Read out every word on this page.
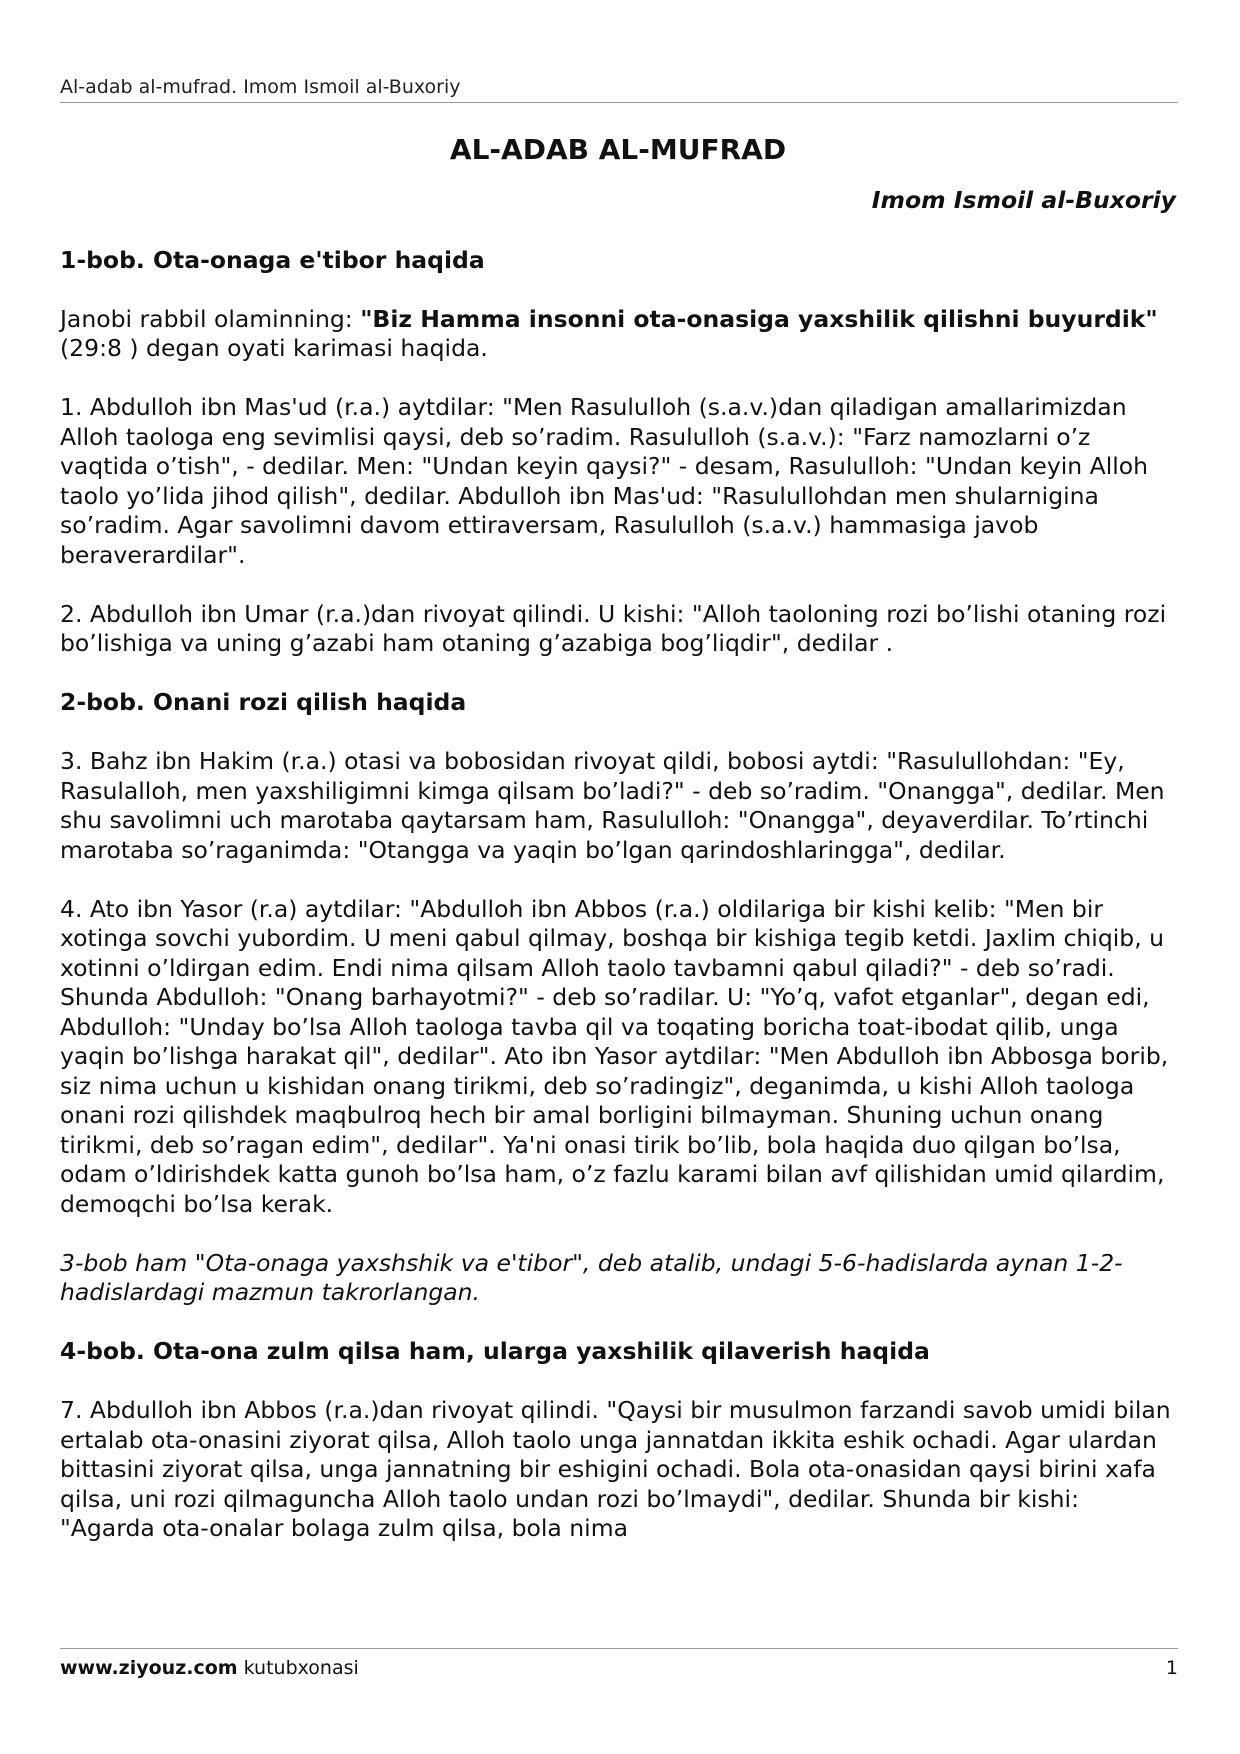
Al-adab al-mufrad. Imom Ismoil al-Buxoriy
AL-ADAB AL-MUFRAD
Imom Ismoil al-Buxoriy
1-bob. Ota-onaga e'tibor haqida
Janobi rabbil olaminning: "Biz Hamma insonni ota-onasiga yaxshilik qilishni buyurdik" (29:8 ) degan oyati karimasi haqida.
1. Abdulloh ibn Mas'ud (r.a.) aytdilar: "Men Rasululloh (s.a.v.)dan qiladigan amallarimizdan Alloh taologa eng sevimlisi qaysi, deb so’radim. Rasululloh (s.a.v.): "Farz namozlarni o’z vaqtida o’tish", - dedilar. Men: "Undan keyin qaysi?" - desam, Rasululloh: "Undan keyin Alloh taolo yo’lida jihod qilish", dedilar. Abdulloh ibn Mas'ud: "Rasulullohdan men shularnigina so’radim. Agar savolimni davom ettiraversam, Rasululloh (s.a.v.) hammasiga javob beraverardilar".
2. Abdulloh ibn Umar (r.a.)dan rivoyat qilindi. U kishi: "Alloh taoloning rozi bo’lishi otaning rozi bo’lishiga va uning g’azabi ham otaning g’azabiga bog’liqdir", dedilar .
2-bob. Onani rozi qilish haqida
3. Bahz ibn Hakim (r.a.) otasi va bobosidan rivoyat qildi, bobosi aytdi: "Rasulullohdan: "Ey, Rasulalloh, men yaxshiligimni kimga qilsam bo’ladi?" - deb so’radim. "Onangga", dedilar. Men shu savolimni uch marotaba qaytarsam ham, Rasululloh: "Onangga", deyaverdilar. To’rtinchi marotaba so’raganimda: "Otangga va yaqin bo’lgan qarindoshlaringga", dedilar.
4. Ato ibn Yasor (r.a) aytdilar: "Abdulloh ibn Abbos (r.a.) oldilariga bir kishi kelib: "Men bir xotinga sovchi yubordim. U meni qabul qilmay, boshqa bir kishiga tegib ketdi. Jaxlim chiqib, u xotinni o’ldirgan edim. Endi nima qilsam Alloh taolo tavbamni qabul qiladi?" - deb so’radi. Shunda Abdulloh: "Onang barhayotmi?" - deb so’radilar. U: "Yo’q, vafot etganlar", degan edi, Abdulloh: "Unday bo’lsa Alloh taologa tavba qil va toqating boricha toat-ibodat qilib, unga yaqin bo’lishga harakat qil", dedilar". Ato ibn Yasor aytdilar: "Men Abdulloh ibn Abbosga borib, siz nima uchun u kishidan onang tirikmi, deb so’radingiz", deganimda, u kishi Alloh taologa onani rozi qilishdek maqbulroq hech bir amal borligini bilmayman. Shuning uchun onang tirikmi, deb so’ragan edim", dedilar". Ya'ni onasi tirik bo’lib, bola haqida duo qilgan bo’lsa, odam o’ldirishdek katta gunoh bo’lsa ham, o’z fazlu karami bilan avf qilishidan umid qilardim, demoqchi bo’lsa kerak.
3-bob ham "Ota-onaga yaxshshik va e'tibor", deb atalib, undagi 5-6-hadislarda aynan 1-2-hadislardagi mazmun takrorlangan.
4-bob. Ota-ona zulm qilsa ham, ularga yaxshilik qilaverish haqida
7. Abdulloh ibn Abbos (r.a.)dan rivoyat qilindi. "Qaysi bir musulmon farzandi savob umidi bilan ertalab ota-onasini ziyorat qilsa, Alloh taolo unga jannatdan ikkita eshik ochadi. Agar ulardan bittasini ziyorat qilsa, unga jannatning bir eshigini ochadi. Bola ota-onasidan qaysi birini xafa qilsa, uni rozi qilmaguncha Alloh taolo undan rozi bo’lmaydi", dedilar. Shunda bir kishi: "Agarda ota-onalar bolaga zulm qilsa, bola nima
www.ziyouz.com kutubxonasi	1
